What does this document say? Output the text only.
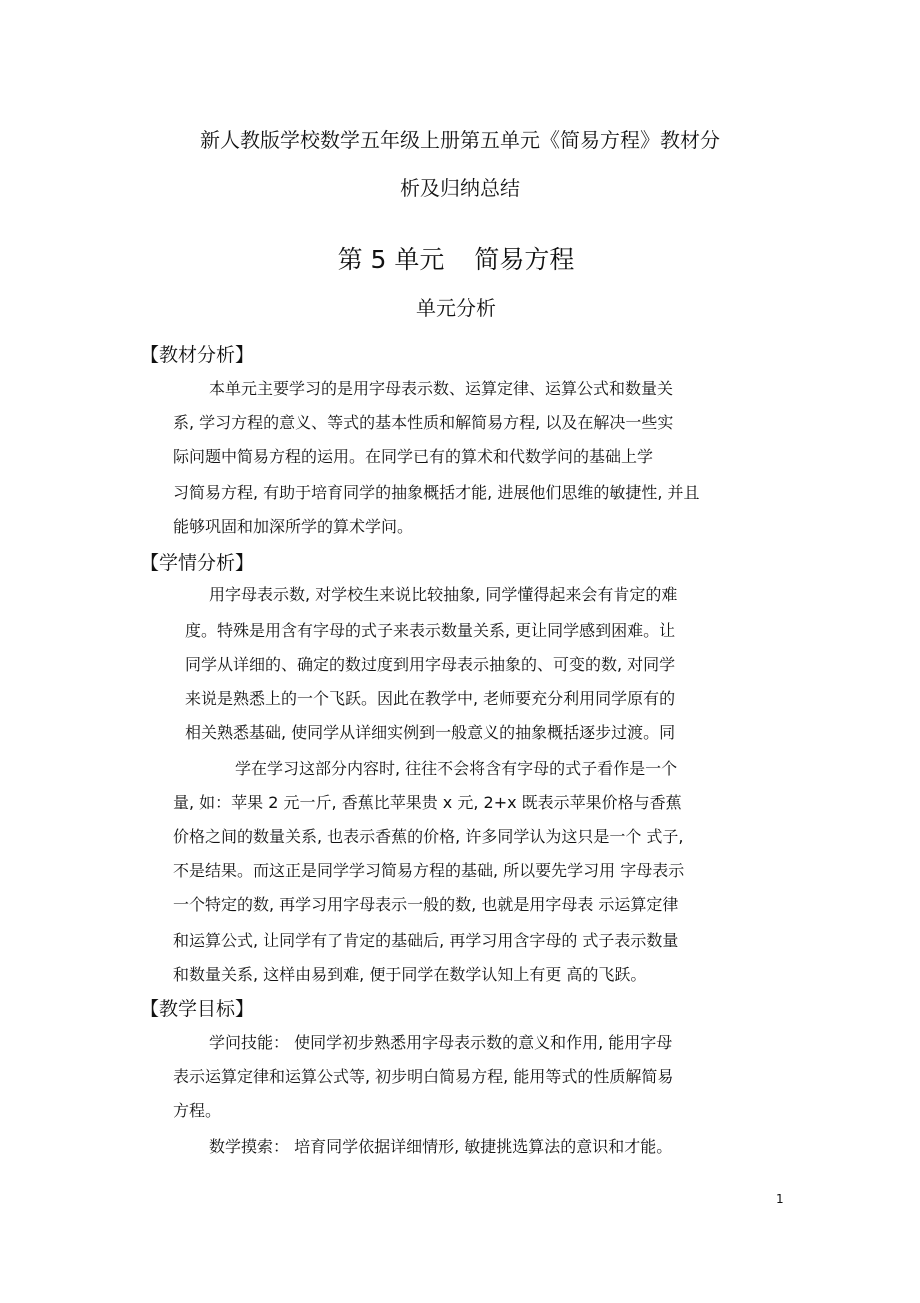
新人教版学校数学五年级上册第五单元《简易方程》教材分
析及归纳总结
第 5 单元 简易方程
单元分析
【教材分析】
本单元主要学习的是用字母表示数、运算定律、运算公式和数量关
系, 学习方程的意义、等式的基本性质和解简易方程, 以及在解决一些实
际问题中简易方程的运用。在同学已有的算术和代数学问的基础上学
习简易方程, 有助于培育同学的抽象概括才能, 进展他们思维的敏捷性, 并且
能够巩固和加深所学的算术学问。
【学情分析】
用字母表示数, 对学校生来说比较抽象, 同学懂得起来会有肯定的难
度。特殊是用含有字母的式子来表示数量关系, 更让同学感到困难。让
同学从详细的、确定的数过度到用字母表示抽象的、可变的数, 对同学
来说是熟悉上的一个飞跃。因此在教学中, 老师要充分利用同学原有的
相关熟悉基础, 使同学从详细实例到一般意义的抽象概括逐步过渡。同
学在学习这部分内容时, 往往不会将含有字母的式子看作是一个
量, 如：苹果 2 元一斤, 香蕉比苹果贵 x 元, 2+x 既表示苹果价格与香蕉
价格之间的数量关系, 也表示香蕉的价格, 许多同学认为这只是一个 式子,
不是结果。而这正是同学学习简易方程的基础, 所以要先学习用 字母表示
一个特定的数, 再学习用字母表示一般的数, 也就是用字母表 示运算定律
和运算公式, 让同学有了肯定的基础后, 再学习用含字母的 式子表示数量
和数量关系, 这样由易到难, 便于同学在数学认知上有更 高的飞跃。
【教学目标】
学问技能： 使同学初步熟悉用字母表示数的意义和作用, 能用字母
表示运算定律和运算公式等, 初步明白简易方程, 能用等式的性质解简易
方程。
数学摸索： 培育同学依据详细情形, 敏捷挑选算法的意识和才能。
1
